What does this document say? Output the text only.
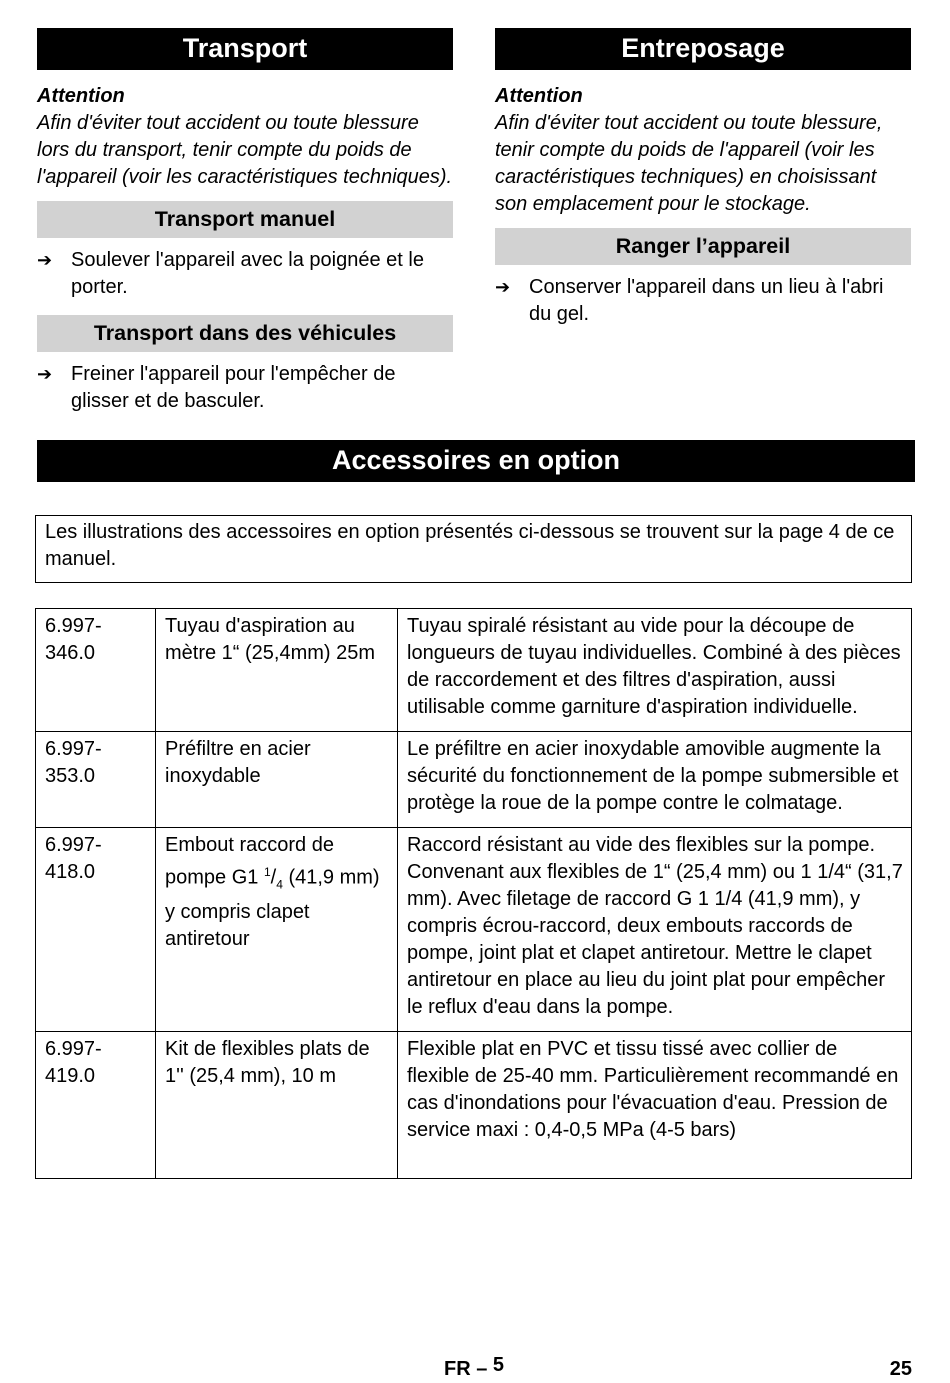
Transport
Attention

Afin d'éviter tout accident ou toute blessure lors du transport, tenir compte du poids de l'appareil (voir les caractéristiques techniques).

Transport manuel
➔ Soulever l'appareil avec la poignée et le porter.
Transport dans des véhicules
➔ Freiner l'appareil pour l'empêcher de glisser et de basculer.
Entreposage
Attention

Afin d'éviter tout accident ou toute blessure, tenir compte du poids de l'appareil (voir les caractéristiques techniques) en choisissant son emplacement pour le stockage.

Ranger l’appareil
➔ Conserver l'appareil dans un lieu à l'abri du gel.
Accessoires en option
Les illustrations des accessoires en option présentés ci-dessous se trouvent sur la page 4 de ce manuel.
6.997-346.0	Tuyau d'aspiration au mètre 1“ (25,4mm) 25m	Tuyau spiralé résistant au vide pour la découpe de longueurs de tuyau individuelles. Combiné à des pièces de raccordement et des filtres d'aspiration, aussi utilisable comme garniture d'aspiration individuelle.
6.997-353.0	Préfiltre en acier inoxydable	Le préfiltre en acier inoxydable amovible augmente la sécurité du fonctionnement de la pompe submersible et protège la roue de la pompe contre le colmatage.
6.997-418.0	Embout raccord de pompe G1 $^1/_4$ (41,9 mm) y compris clapet antiretour	Raccord résistant au vide des flexibles sur la pompe. Convenant aux flexibles de 1“ (25,4 mm) ou 1 1/4“ (31,7 mm). Avec filetage de raccord G 1 1/4 (41,9 mm), y compris écrou-raccord, deux embouts raccords de pompe, joint plat et clapet antiretour. Mettre le clapet antiretour en place au lieu du joint plat pour empêcher le reflux d'eau dans la pompe.
6.997-419.0	Kit de flexibles plats de 1'' (25,4 mm), 10 m	Flexible plat en PVC et tissu tissé avec collier de flexible de 25-40 mm. Particulièrement recommandé en cas d'inondations pour l'évacuation d'eau. Pression de service maxi : 0,4-0,5 MPa (4-5 bars)
FR – 5	25
